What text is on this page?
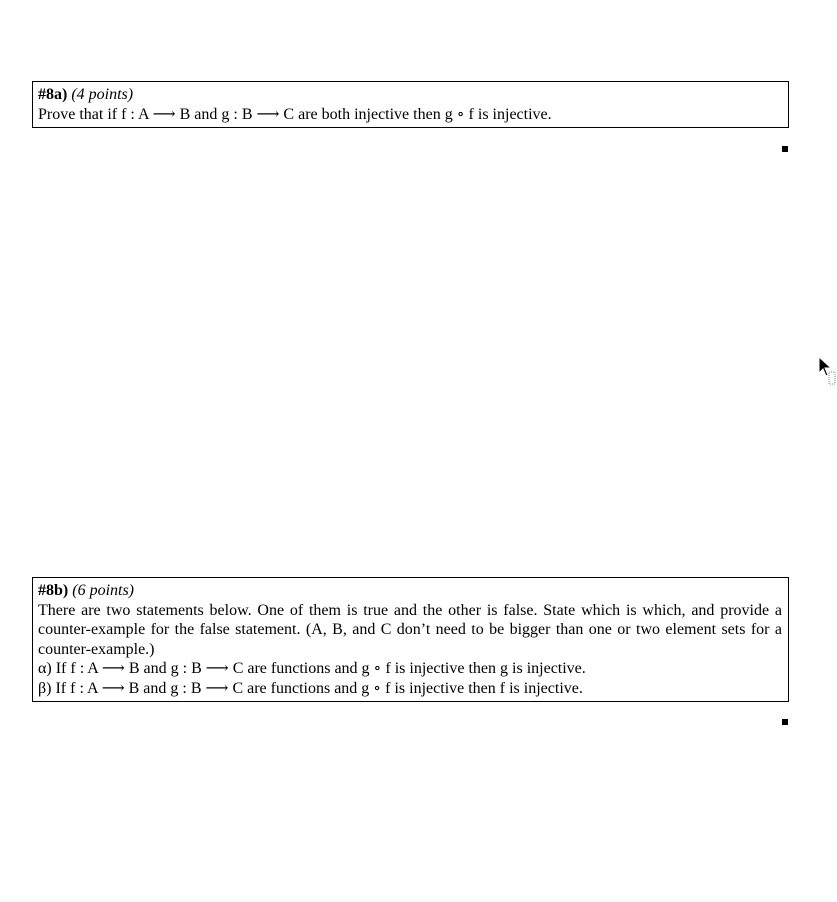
#8a) (4 points)
Prove that if f : A ⟶ B and g : B ⟶ C are both injective then g ∘ f is injective.
#8b) (6 points)
There are two statements below. One of them is true and the other is false. State which is which, and provide a counter-example for the false statement. (A, B, and C don’t need to be bigger than one or two element sets for a counter-example.)
α) If f : A ⟶ B and g : B ⟶ C are functions and g ∘ f is injective then g is injective.
β) If f : A ⟶ B and g : B ⟶ C are functions and g ∘ f is injective then f is injective.
